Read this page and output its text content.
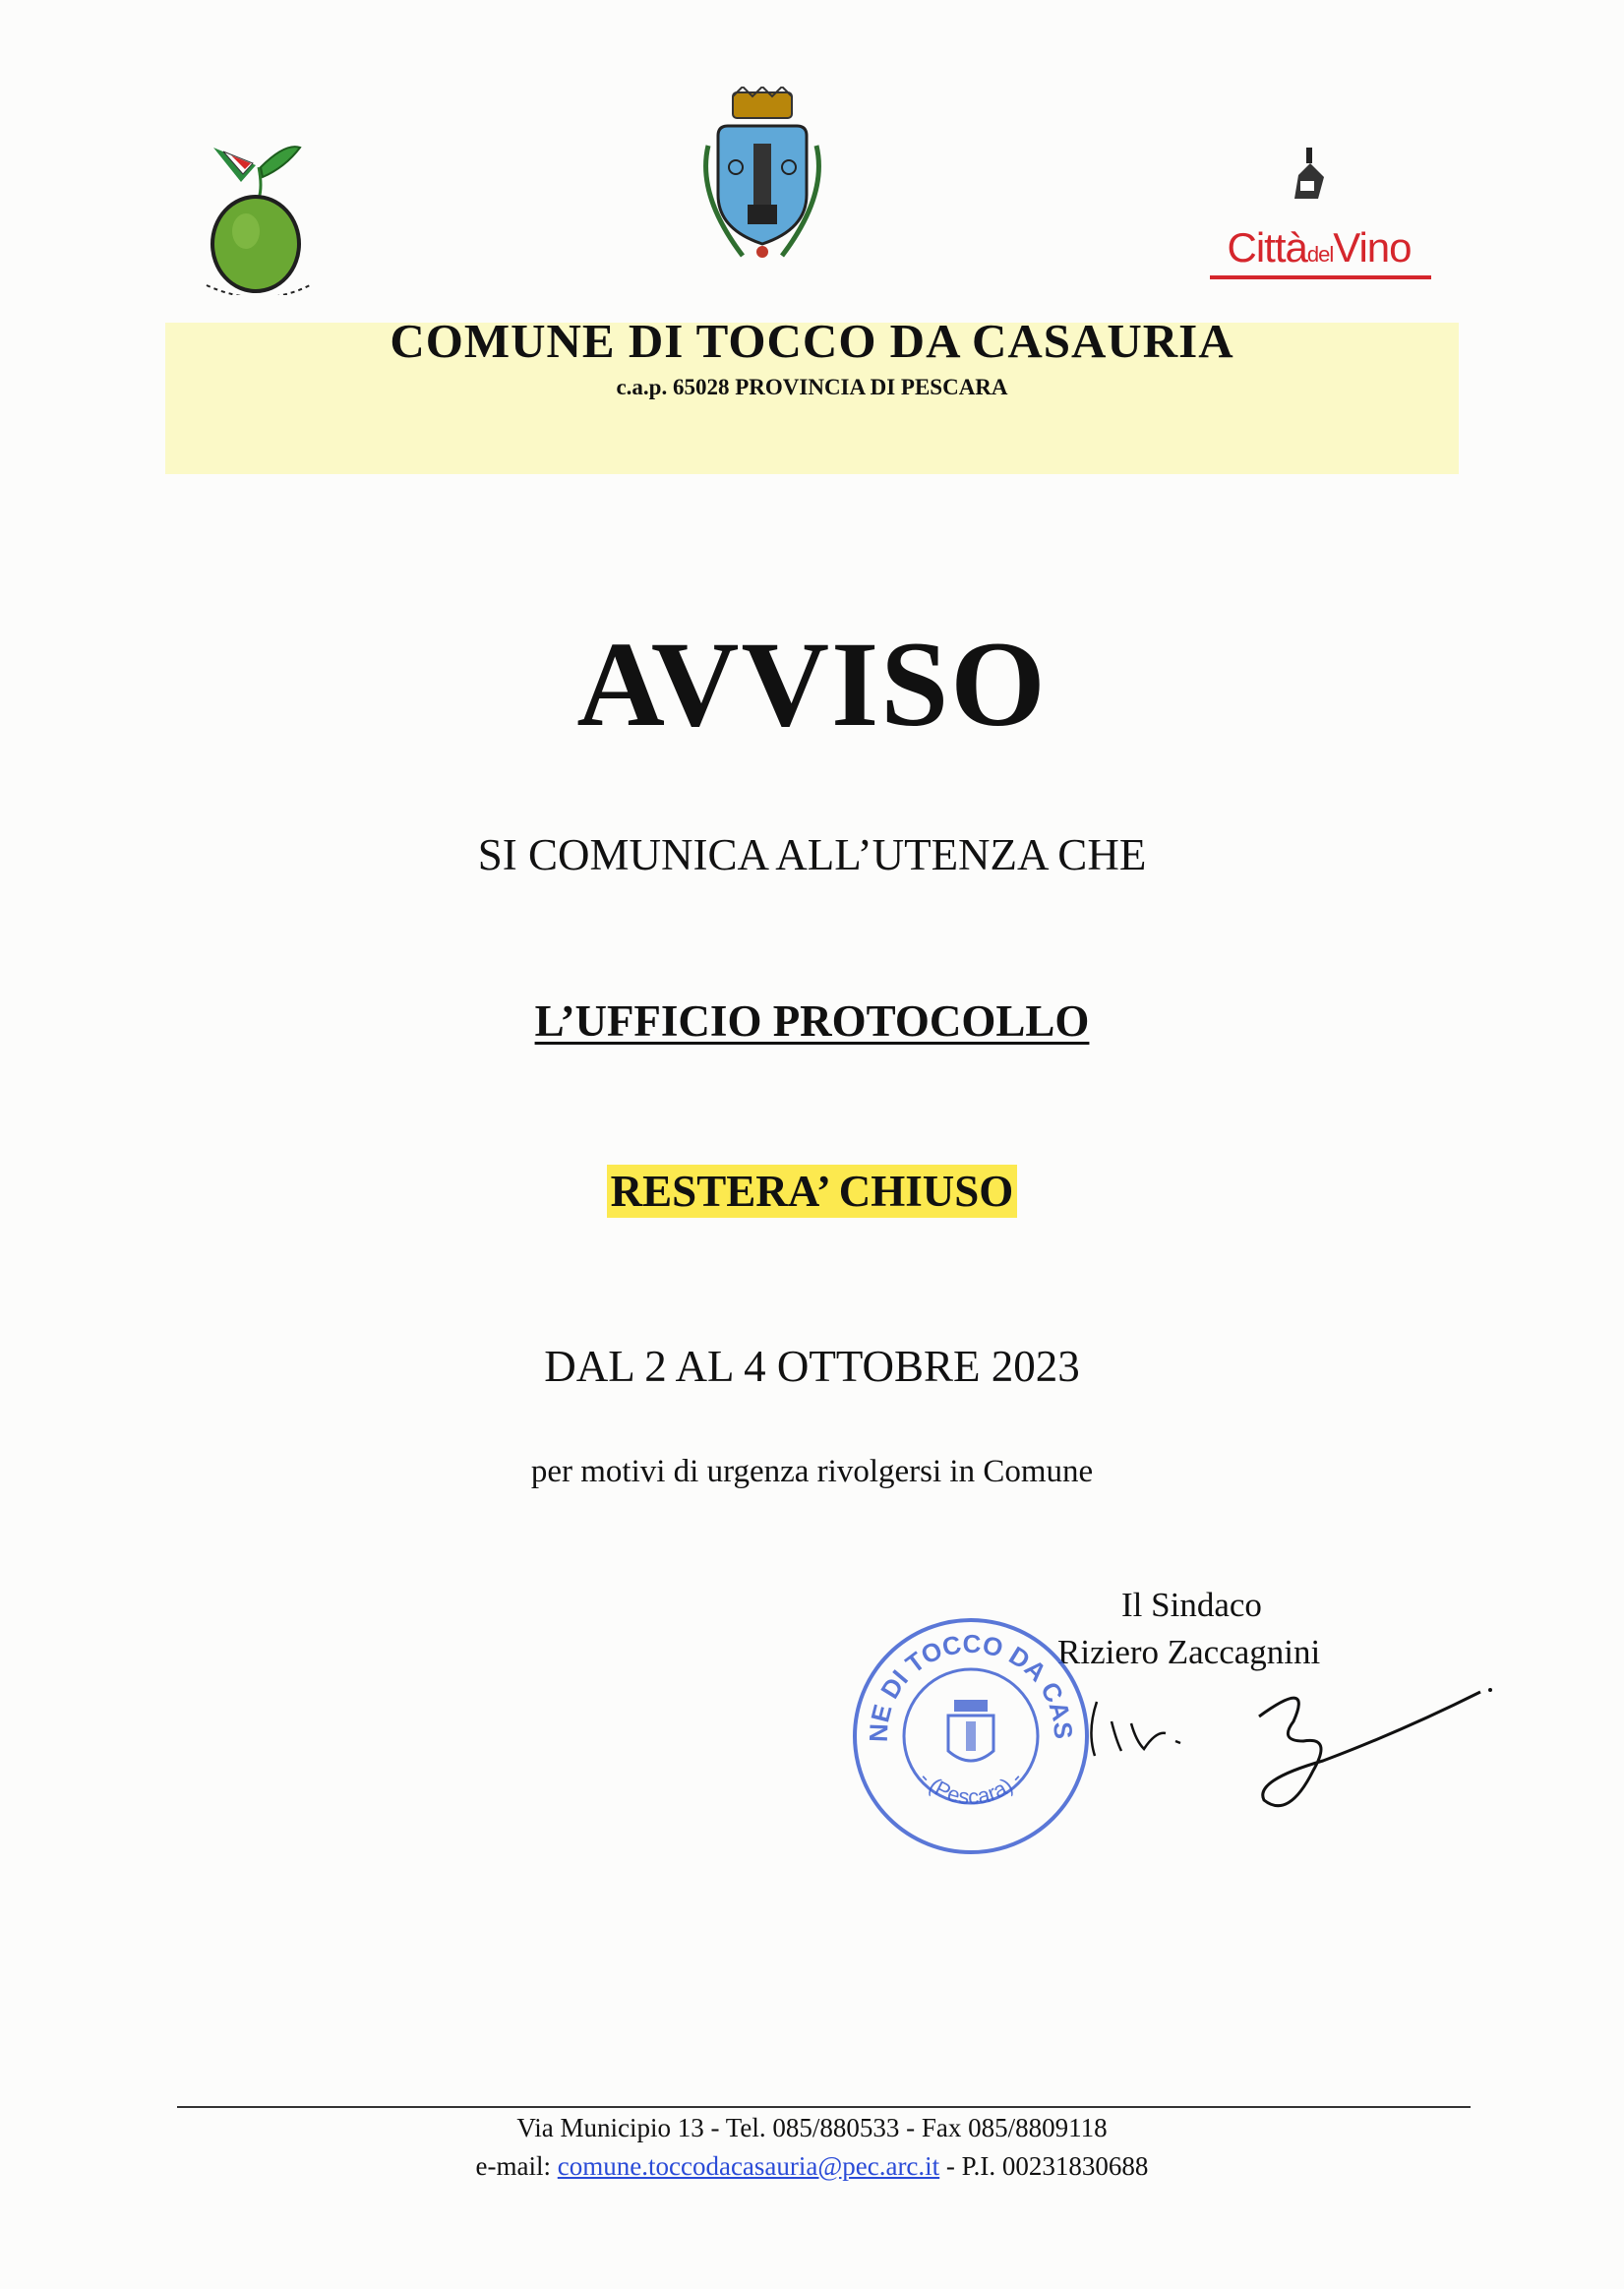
CittàdelVino
COMUNE DI TOCCO DA CASAURIA
c.a.p. 65028 PROVINCIA DI PESCARA
AVVISO
SI COMUNICA ALL’UTENZA CHE
L’UFFICIO PROTOCOLLO
RESTERA’ CHIUSO
DAL 2 AL 4 OTTOBRE 2023
per motivi di urgenza rivolgersi in Comune
Il Sindaco
Riziero Zaccagnini
NE DI TOCCO DA CAS
- (Pescara) -
Via Municipio 13 - Tel. 085/880533 - Fax 085/8809118
e-mail: comune.toccodacasauria@pec.arc.it - P.I. 00231830688
